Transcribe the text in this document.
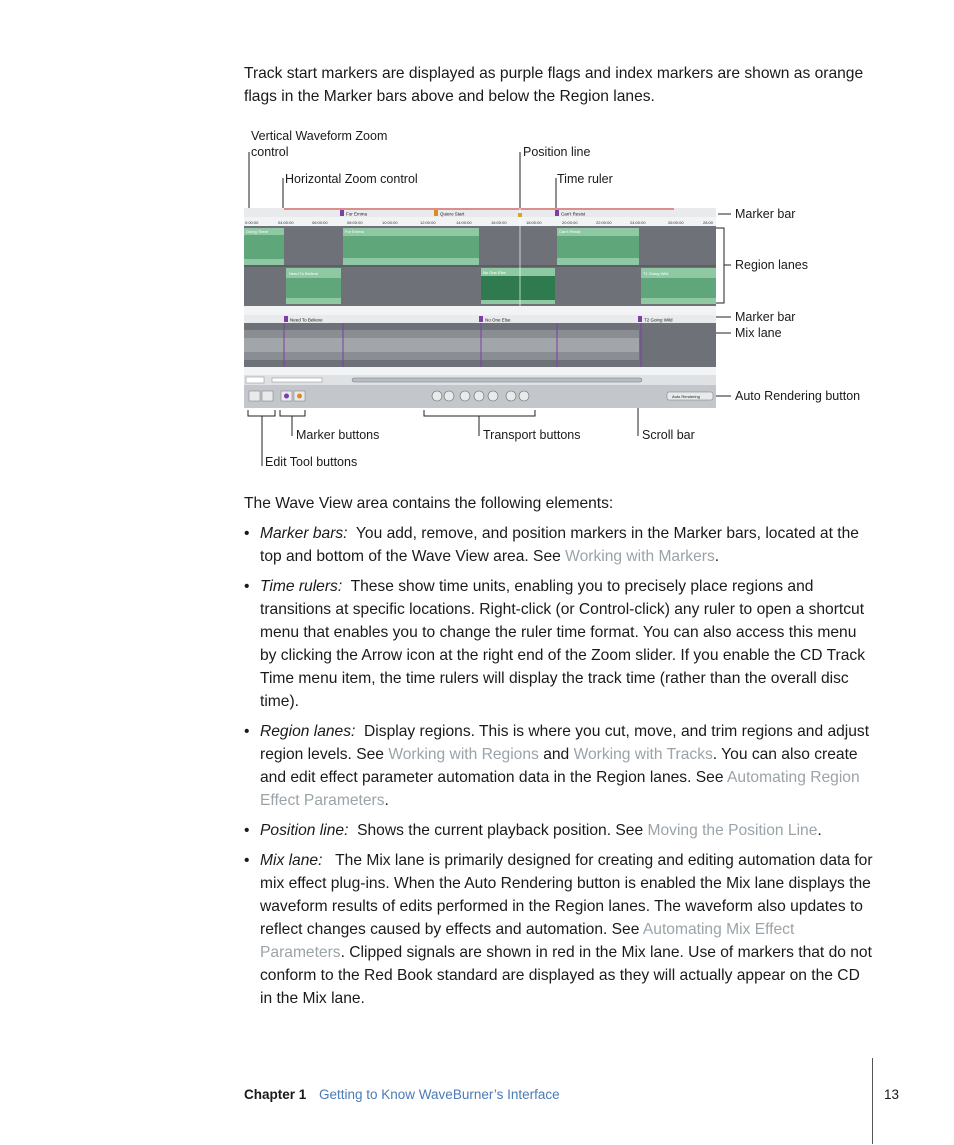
Track start markers are displayed as purple flags and index markers are shown as orange flags in the Marker bars above and below the Region lanes.

Vertical Waveform Zoom
control
Horizontal Zoom control
Position line
Time ruler
Marker bar
Region lanes
Marker bar
Mix lane
Auto Rendering button
Marker buttons	Transport buttons	Scroll bar
Edit Tool buttons
For Emma	Quiero Start	Can't Resist
0:00:00	04:00:00	06:00:00	08:00:00	10:00:00	12:00:00	14:00:00	16:00:00	18:00:00	20:00:00	22:00:00	24:00:00	26:00:00	28:00
Going There	For Emma	Can't Resist
Need To Believe	No One Else	T1 Going Wild
Need To Believe	No One Else	T2 Going Wild
Auto Rendering

The Wave View area contains the following elements:

• Marker bars: You add, remove, and position markers in the Marker bars, located at the top and bottom of the Wave View area. See Working with Markers.
• Time rulers: These show time units, enabling you to precisely place regions and transitions at specific locations. Right-click (or Control-click) any ruler to open a shortcut menu that enables you to change the ruler time format. You can also access this menu by clicking the Arrow icon at the right end of the Zoom slider. If you enable the CD Track Time menu item, the time rulers will display the track time (rather than the overall disc time).
• Region lanes: Display regions. This is where you cut, move, and trim regions and adjust region levels. See Working with Regions and Working with Tracks. You can also create and edit effect parameter automation data in the Region lanes. See Automating Region Effect Parameters.
• Position line: Shows the current playback position. See Moving the Position Line.
• Mix lane: The Mix lane is primarily designed for creating and editing automation data for mix effect plug-ins. When the Auto Rendering button is enabled the Mix lane displays the waveform results of edits performed in the Region lanes. The waveform also updates to reflect changes caused by effects and automation. See Automating Mix Effect Parameters. Clipped signals are shown in red in the Mix lane. Use of markers that do not conform to the Red Book standard are displayed as they will actually appear on the CD in the Mix lane.
Chapter 1 Getting to Know WaveBurner’s Interface	13
